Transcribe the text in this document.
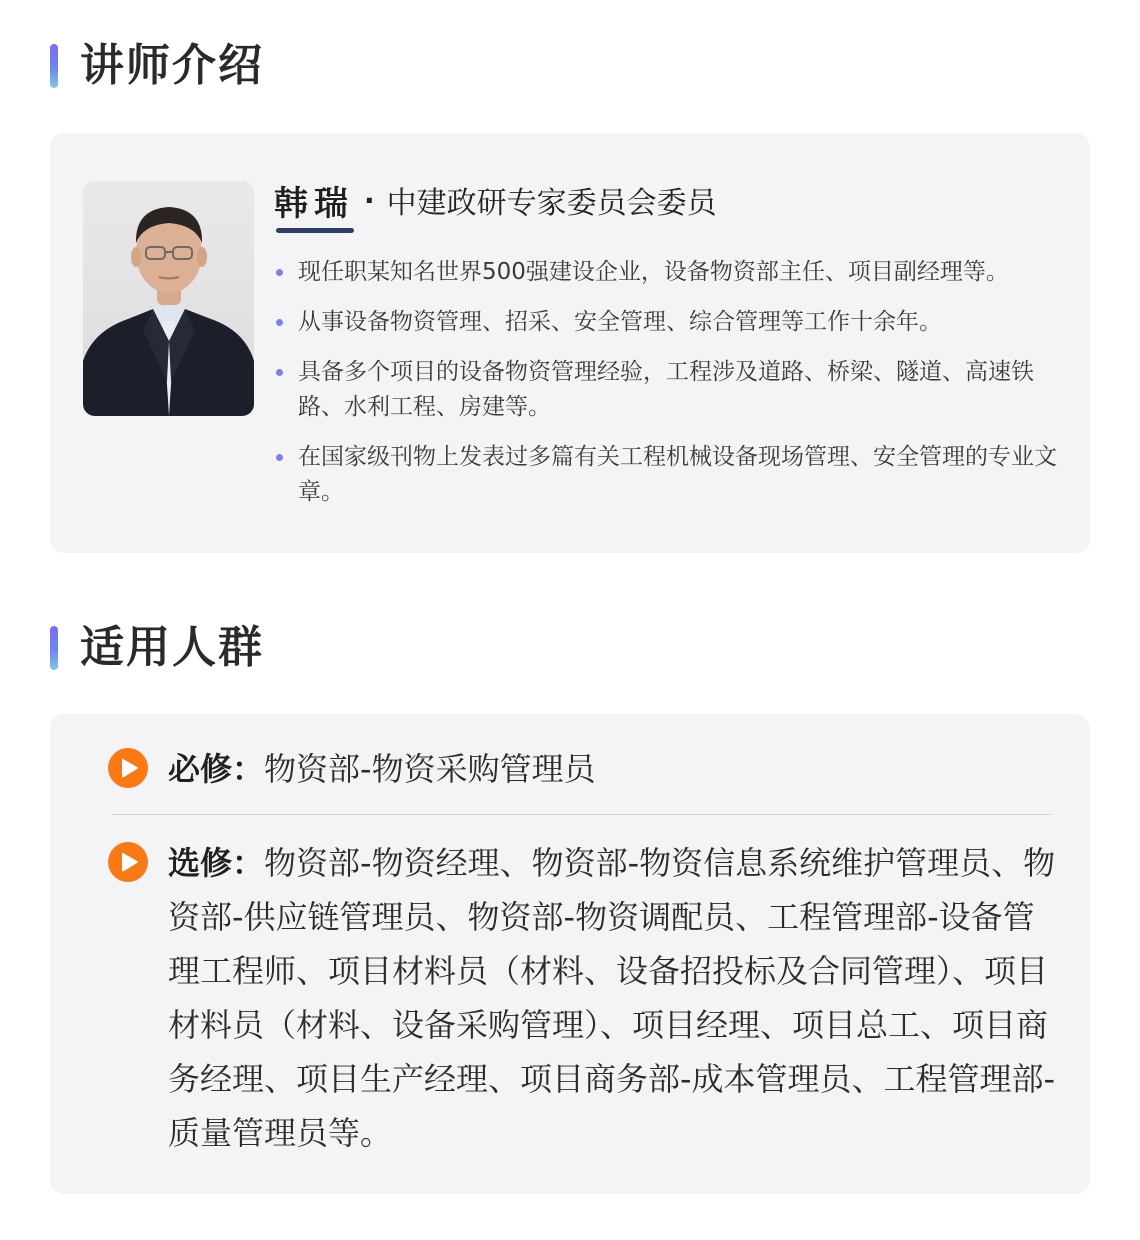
讲师介绍
韩瑞 · 中建政研专家委员会委员
现任职某知名世界500强建设企业，设备物资部主任、项目副经理等。
从事设备物资管理、招采、安全管理、综合管理等工作十余年。
具备多个项目的设备物资管理经验，工程涉及道路、桥梁、隧道、高速铁路、水利工程、房建等。
在国家级刊物上发表过多篇有关工程机械设备现场管理、安全管理的专业文章。
适用人群
必修：物资部-物资采购管理员
选修：物资部-物资经理、物资部-物资信息系统维护管理员、物资部-供应链管理员、物资部-物资调配员、工程管理部-设备管理工程师、项目材料员（材料、设备招投标及合同管理）、项目材料员（材料、设备采购管理）、项目经理、项目总工、项目商务经理、项目生产经理、项目商务部-成本管理员、工程管理部-质量管理员等。
